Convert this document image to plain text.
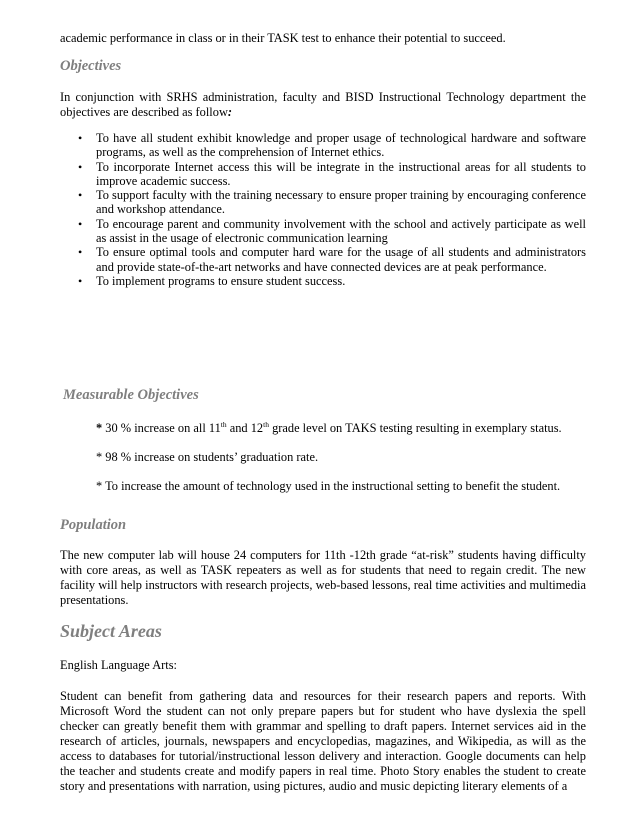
academic performance in class or in their TASK test to enhance their potential to succeed.

Objectives

In conjunction with SRHS administration, faculty and BISD Instructional Technology department the objectives are described as follow:

• To have all student exhibit knowledge and proper usage of technological hardware and software programs, as well as the comprehension of Internet ethics.
• To incorporate Internet access this will be integrate in the instructional areas for all students to improve academic success.
• To support faculty with the training necessary to ensure proper training by encouraging conference and workshop attendance.
• To encourage parent and community involvement with the school and actively participate as well as assist in the usage of electronic communication learning
• To ensure optimal tools and computer hard ware for the usage of all students and administrators and provide state-of-the-art networks and have connected devices are at peak performance.
• To implement programs to ensure student success.
Measurable Objectives

* 30 % increase on all 11th and 12th grade level on TAKS testing resulting in exemplary status.

* 98 % increase on students’ graduation rate.

* To increase the amount of technology used in the instructional setting to benefit the student.

Population

The new computer lab will house 24 computers for 11th -12th grade “at-risk” students having difficulty with core areas, as well as TASK repeaters as well as for students that need to regain credit. The new facility will help instructors with research projects, web-based lessons, real time activities and multimedia presentations.

Subject Areas

English Language Arts:

Student can benefit from gathering data and resources for their research papers and reports. With Microsoft Word the student can not only prepare papers but for student who have dyslexia the spell checker can greatly benefit them with grammar and spelling to draft papers. Internet services aid in the research of articles, journals, newspapers and encyclopedias, magazines, and Wikipedia, as will as the access to databases for tutorial/instructional lesson delivery and interaction. Google documents can help the teacher and students create and modify papers in real time. Photo Story enables the student to create story and presentations with narration, using pictures, audio and music depicting literary elements of a
